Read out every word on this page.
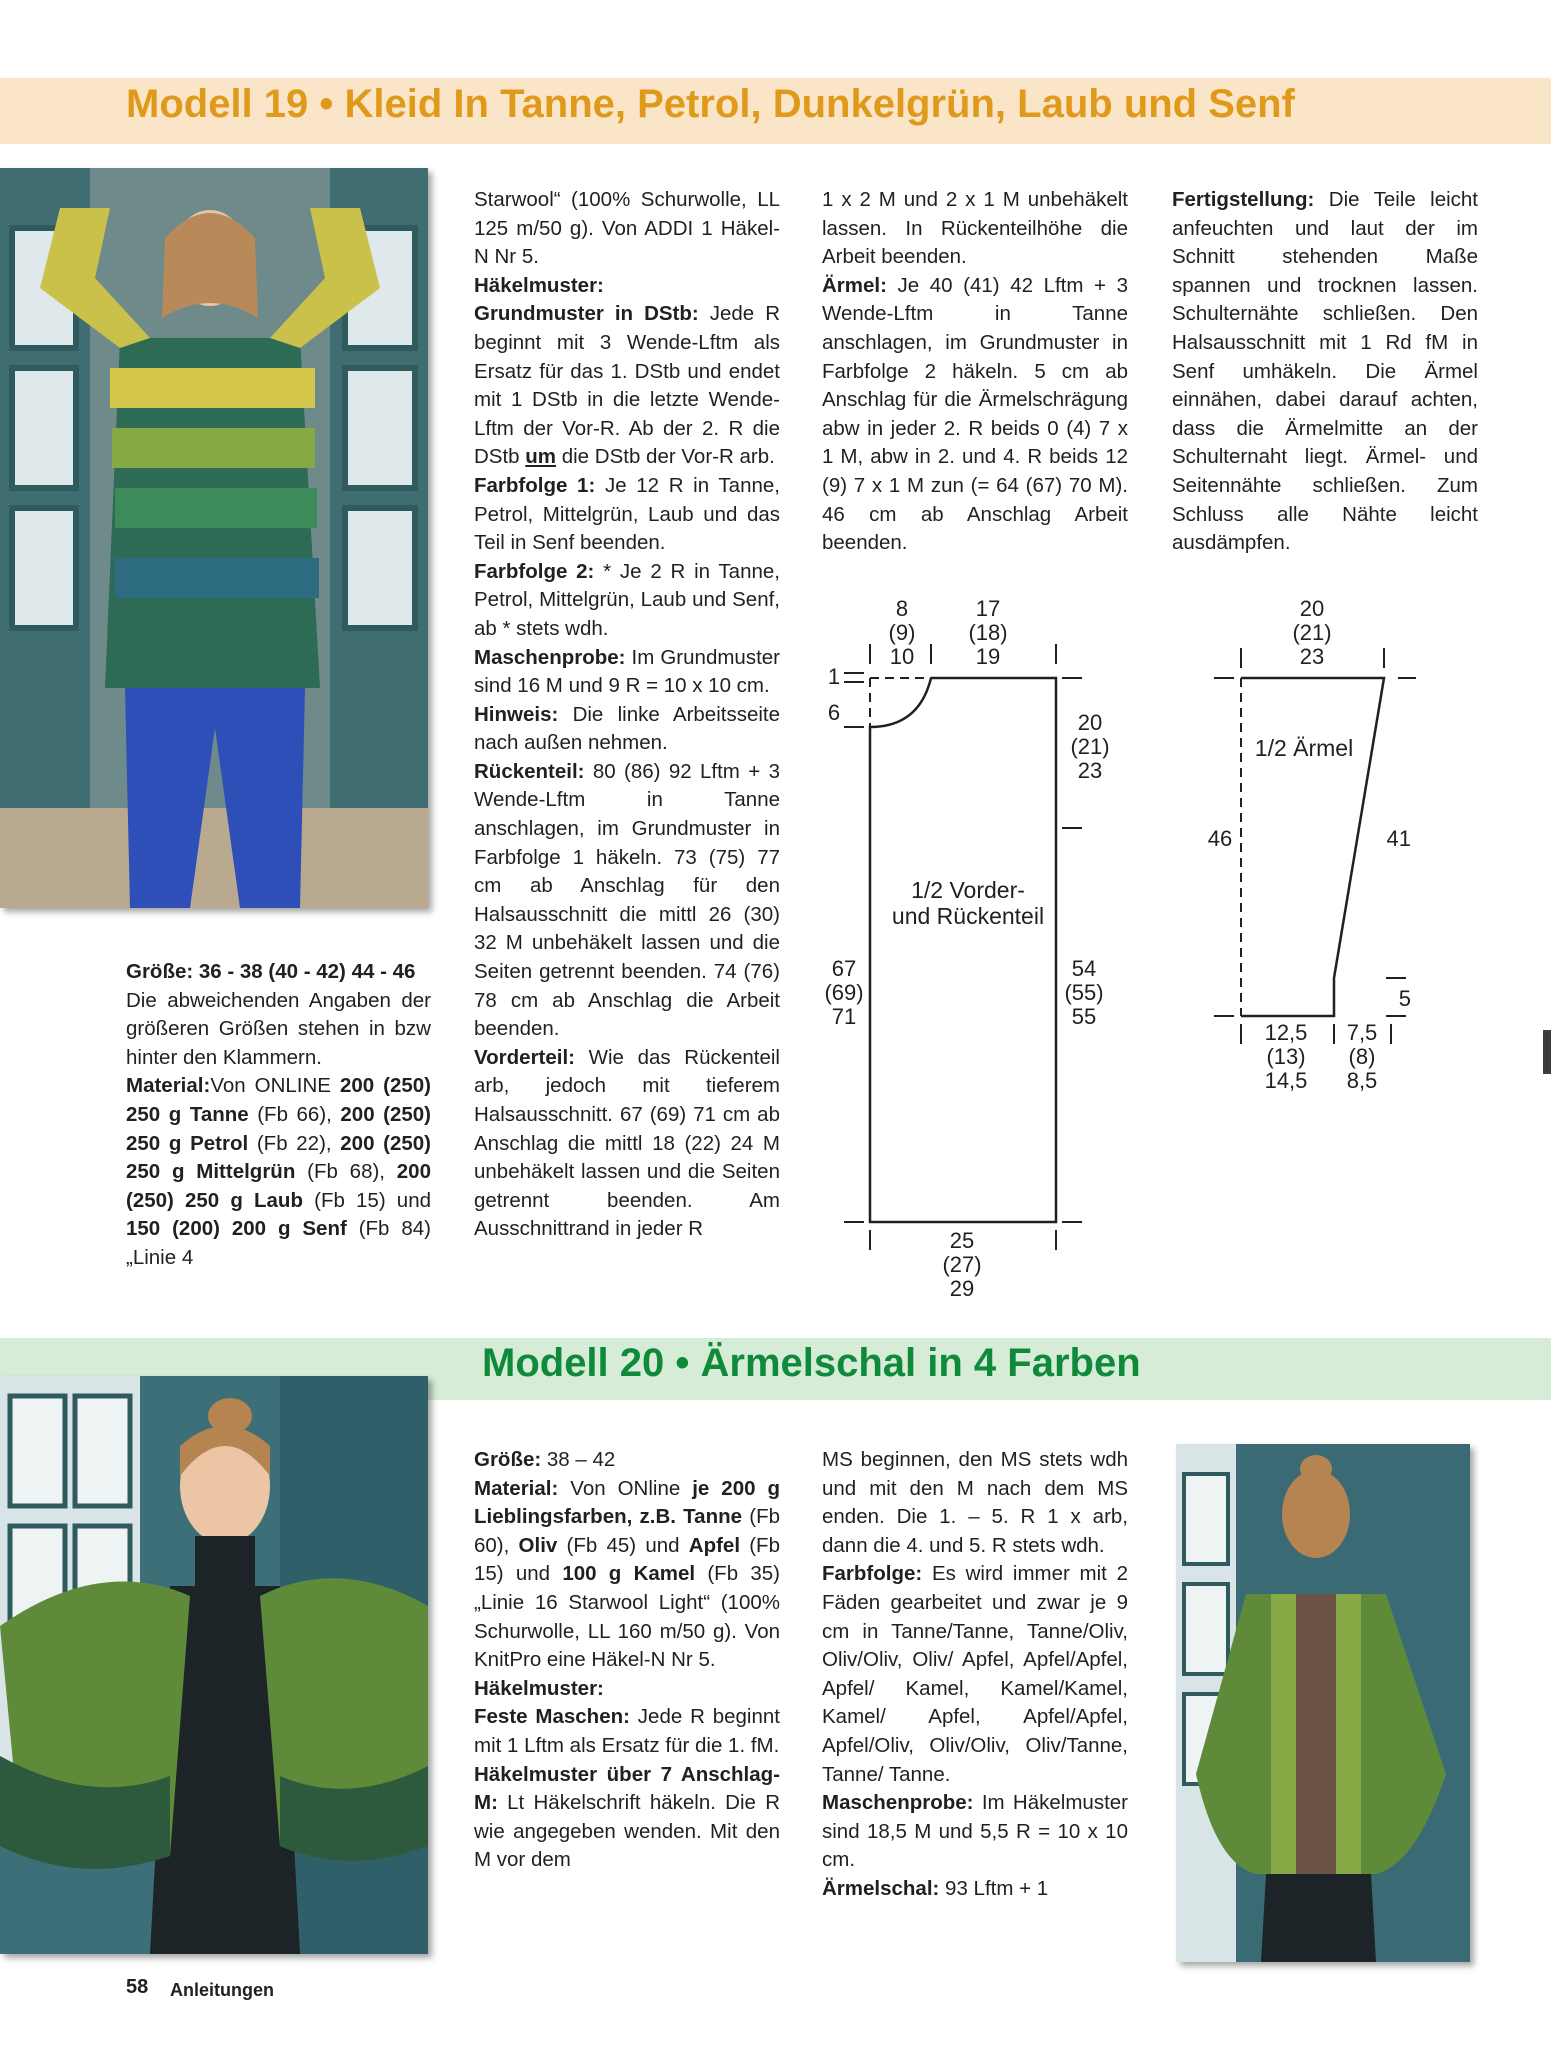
Modell 19 • Kleid In Tanne, Petrol, Dunkelgrün, Laub und Senf

Größe: 36 - 38 (40 - 42) 44 - 46

Die abweichenden Angaben der größeren Größen stehen in bzw hinter den Klammern.

Material:Von ONLINE 200 (250) 250 g Tanne (Fb 66), 200 (250) 250 g Petrol (Fb 22), 200 (250) 250 g Mittelgrün (Fb 68), 200 (250) 250 g Laub (Fb 15) und 150 (200) 200 g Senf (Fb 84) „Linie 4

Starwool“ (100% Schurwolle, LL 125 m/50 g). Von ADDI 1 Häkel-N Nr 5.

Häkelmuster:

Grundmuster in DStb: Jede R beginnt mit 3 Wende-Lftm als Ersatz für das 1. DStb und endet mit 1 DStb in die letzte Wende-Lftm der Vor-R. Ab der 2. R die DStb um die DStb der Vor-R arb.

Farbfolge 1: Je 12 R in Tanne, Petrol, Mittelgrün, Laub und das Teil in Senf beenden.

Farbfolge 2: * Je 2 R in Tanne, Petrol, Mittelgrün, Laub und Senf, ab * stets wdh.

Maschenprobe: Im Grundmuster sind 16 M und 9 R = 10 x 10 cm.

Hinweis: Die linke Arbeitsseite nach außen nehmen.

Rückenteil: 80 (86) 92 Lftm + 3 Wende-Lftm in Tanne anschlagen, im Grundmuster in Farbfolge 1 häkeln. 73 (75) 77 cm ab Anschlag für den Halsausschnitt die mittl 26 (30) 32 M unbehäkelt lassen und die Seiten getrennt beenden. 74 (76) 78 cm ab Anschlag die Arbeit beenden.

Vorderteil: Wie das Rückenteil arb, jedoch mit tieferem Halsausschnitt. 67 (69) 71 cm ab Anschlag die mittl 18 (22) 24 M unbehäkelt lassen und die Seiten getrennt beenden. Am Ausschnittrand in jeder R

1 x 2 M und 2 x 1 M unbehäkelt lassen. In Rückenteilhöhe die Arbeit beenden.

Ärmel: Je 40 (41) 42 Lftm + 3 Wende-Lftm in Tanne anschlagen, im Grundmuster in Farbfolge 2 häkeln. 5 cm ab Anschlag für die Ärmelschrägung abw in jeder 2. R beids 0 (4) 7 x 1 M, abw in 2. und 4. R beids 12 (9) 7 x 1 M zun (= 64 (67) 70 M). 46 cm ab Anschlag Arbeit beenden.

Fertigstellung: Die Teile leicht anfeuchten und laut der im Schnitt stehenden Maße spannen und trocknen lassen. Schulternähte schließen. Den Halsausschnitt mit 1 Rd fM in Senf umhäkeln. Die Ärmel einnähen, dabei darauf achten, dass die Ärmelmitte an der Schulternaht liegt. Ärmel- und Seitennähte schließen. Zum Schluss alle Nähte leicht ausdämpfen.

8
(9)
10
17
(18)
19
1
6	20
(21)
23
1/2 Vorder-
und Rückenteil
67
(69)
71
54
(55)
55
25
(27)
29
20
(21)
23
1/2 Ärmel
46	41
5
12,5
(13)
14,5
7,5
(8)
8,5
Modell 20 • Ärmelschal in 4 Farben

Größe: 38 – 42

Material: Von ONline je 200 g Lieblingsfarben, z.B. Tanne (Fb 60), Oliv (Fb 45) und Apfel (Fb 15) und 100 g Kamel (Fb 35) „Linie 16 Starwool Light“ (100% Schurwolle, LL 160 m/50 g). Von KnitPro eine Häkel-N Nr 5.

Häkelmuster:

Feste Maschen: Jede R beginnt mit 1 Lftm als Ersatz für die 1. fM.

Häkelmuster über 7 Anschlag-M: Lt Häkelschrift häkeln. Die R wie angegeben wenden. Mit den M vor dem

MS beginnen, den MS stets wdh und mit den M nach dem MS enden. Die 1. – 5. R 1 x arb, dann die 4. und 5. R stets wdh.

Farbfolge: Es wird immer mit 2 Fäden gearbeitet und zwar je 9 cm in Tanne/Tanne, Tanne/Oliv, Oliv/Oliv, Oliv/ Apfel, Apfel/Apfel, Apfel/ Kamel, Kamel/Kamel, Kamel/ Apfel, Apfel/Apfel, Apfel/Oliv, Oliv/Oliv, Oliv/Tanne, Tanne/ Tanne.

Maschenprobe: Im Häkelmuster sind 18,5 M und 5,5 R = 10 x 10 cm.

Ärmelschal: 93 Lftm + 1

58 Anleitungen
